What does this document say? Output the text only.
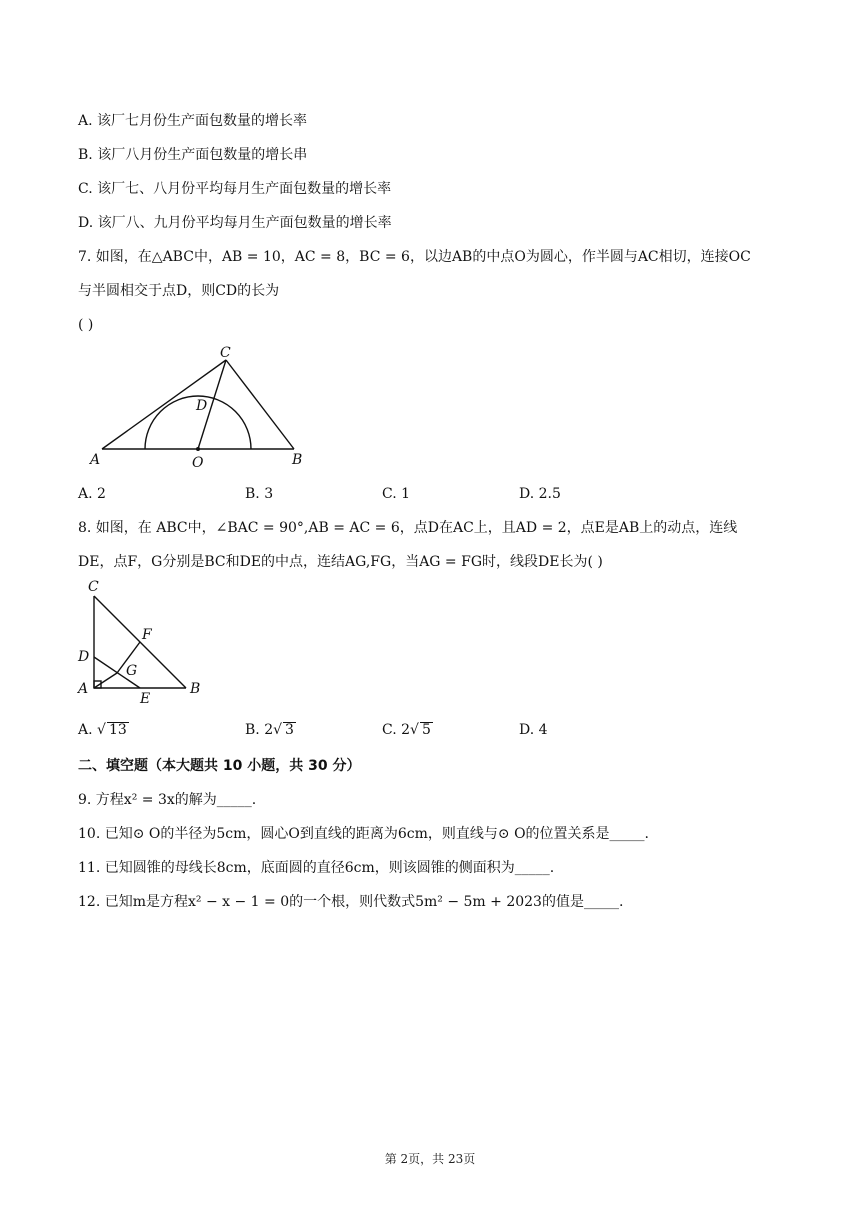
A. 该厂七月份生产面包数量的增长率
B. 该厂八月份生产面包数量的增长串
C. 该厂七、八月份平均每月生产面包数量的增长率
D. 该厂八、九月份平均每月生产面包数量的增长率
7. 如图，在△ABC中，AB = 10，AC = 8，BC = 6，以边AB的中点O为圆心，作半圆与AC相切，连接OC
与半圆相交于点D，则CD的长为
( )
C
D
A	O	B
A. 2	B. 3	C. 1	D. 2.5
8. 如图，在 ABC中，∠BAC = 90°,AB = AC = 6，点D在AC上，且AD = 2，点E是AB上的动点，连线
DE，点F，G分别是BC和DE的中点，连结AG,FG，当AG = FG时，线段DE长为( )
C
F
D
G
A
E
B
A. √ 13	B. 2√ 3	C. 2√ 5	D. 4
二、填空题（本大题共 10 小题，共 30 分）
9. 方程x² = 3x的解为_____.
10. 已知⊙ O的半径为5cm，圆心O到直线的距离为6cm，则直线与⊙ O的位置关系是_____.
11. 已知圆锥的母线长8cm，底面圆的直径6cm，则该圆锥的侧面积为_____.
12. 已知m是方程x² − x − 1 = 0的一个根，则代数式5m² − 5m + 2023的值是_____.
第 2页，共 23页
